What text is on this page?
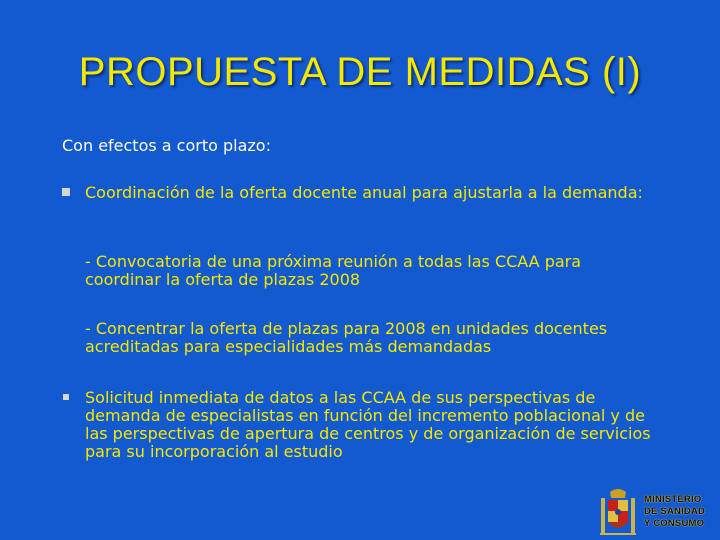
PROPUESTA DE MEDIDAS (I)
Con efectos a corto plazo:
Coordinación de la oferta docente anual para ajustarla a la demanda:
- Convocatoria de una próxima reunión a todas las CCAA para coordinar la oferta de plazas 2008
- Concentrar la oferta de plazas para 2008 en unidades docentes acreditadas para especialidades más demandadas
Solicitud inmediata de datos a las CCAA de sus perspectivas de demanda de especialistas en función del incremento poblacional y de las perspectivas de apertura de centros y de organización de servicios para su incorporación al estudio
MINISTERIO
DE SANIDAD
Y CONSUMO
